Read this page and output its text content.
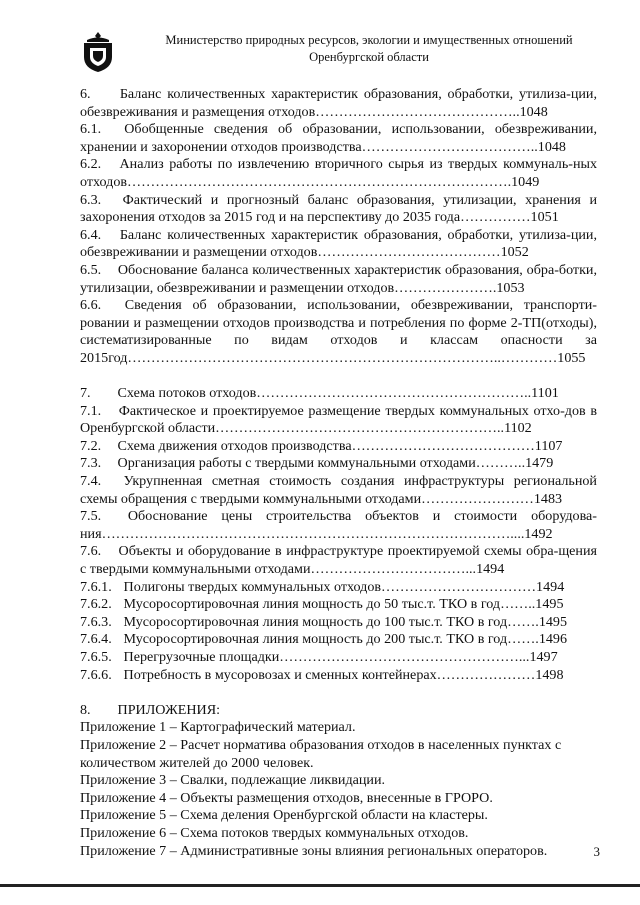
Министерство природных ресурсов, экологии и имущественных отношений
Оренбургской области

6. Баланс количественных характеристик образования, обработки, утилиза-ции, обезвреживания и размещения отходов……………………………………..1048

6.1. Обобщенные сведения об образовании, использовании, обезвреживании, хранении и захоронении отходов производства………………………………..1048

6.2. Анализ работы по извлечению вторичного сырья из твердых коммуналь-ных отходов……………………………………………………………………….1049

6.3. Фактический и прогнозный баланс образования, утилизации, хранения и захоронения отходов за 2015 год и на перспективу до 2035 года……………1051

6.4. Баланс количественных характеристик образования, обработки, утилиза-ции, обезвреживании и размещении отходов…………………………………1052

6.5. Обоснование баланса количественных характеристик образования, обра-ботки, утилизации, обезвреживании и размещении отходов………………….1053

6.6. Сведения об образовании, использовании, обезвреживании, транспорти-ровании и размещении отходов производства и потребления по форме 2-ТП(отходы), систематизированные по видам отходов и классам опасности за 2015год……………………………………………………………………..…………1055

7. Схема потоков отходов…………………………………………………..1101

7.1. Фактическое и проектируемое размещение твердых коммунальных отхо-дов в Оренбургской области……………………………………………………..1102

7.2. Схема движения отходов производства…………………………………1107

7.3. Организация работы с твердыми коммунальными отходами………..1479

7.4. Укрупненная сметная стоимость создания инфраструктуры региональной схемы обращения с твердыми коммунальными отходами……………………1483

7.5. Обоснование цены строительства объектов и стоимости оборудова-ния……………………………………………………………………………....1492

7.6. Объекты и оборудование в инфраструктуре проектируемой схемы обра-щения с твердыми коммунальными отходами……………………………...1494

7.6.1. Полигоны твердых коммунальных отходов……………………………1494

7.6.2. Мусоросортировочная линия мощность до 50 тыс.т. ТКО в год……..1495

7.6.3. Мусоросортировочная линия мощность до 100 тыс.т. ТКО в год…….1495

7.6.4. Мусоросортировочная линия мощность до 200 тыс.т. ТКО в год…….1496

7.6.5. Перегрузочные площадки……………………………………………...1497

7.6.6. Потребность в мусоровозах и сменных контейнерах…………………1498

8. ПРИЛОЖЕНИЯ:

Приложение 1 – Картографический материал.

Приложение 2 – Расчет норматива образования отходов в населенных пунктах с количеством жителей до 2000 человек.

Приложение 3 – Свалки, подлежащие ликвидации.

Приложение 4 – Объекты размещения отходов, внесенные в ГРОРО.

Приложение 5 – Схема деления Оренбургской области на кластеры.

Приложение 6 – Схема потоков твердых коммунальных отходов.

Приложение 7 – Административные зоны влияния региональных операторов.	3
